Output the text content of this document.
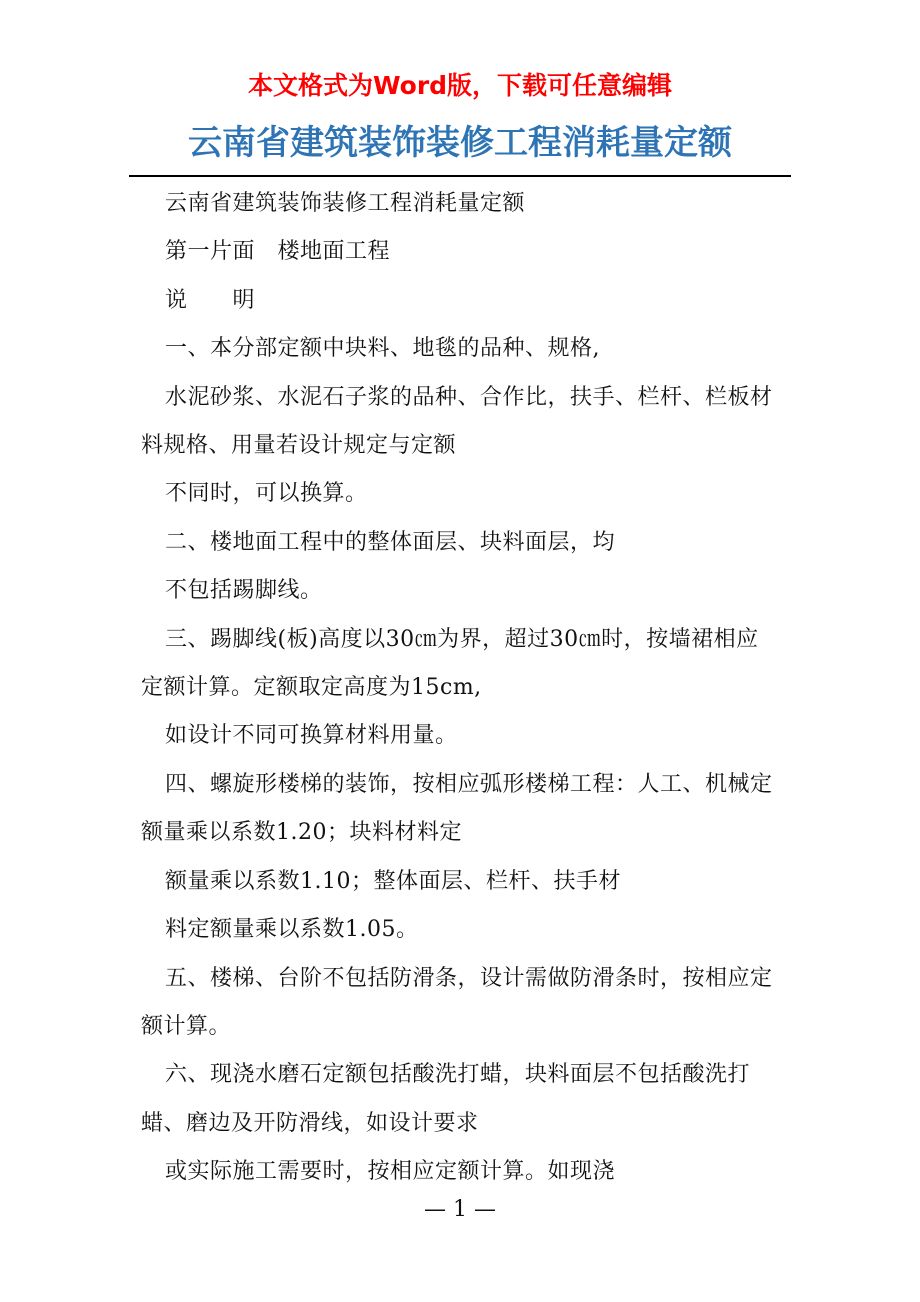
本文格式为Word版，下载可任意编辑
云南省建筑装饰装修工程消耗量定额

云南省建筑装饰装修工程消耗量定额

第一片面　楼地面工程

说　　明

一、本分部定额中块料、地毯的品种、规格,

水泥砂浆、水泥石子浆的品种、合作比，扶手、栏杆、栏板材料规格、用量若设计规定与定额

不同时，可以换算。

二、楼地面工程中的整体面层、块料面层，均

不包括踢脚线。

三、踢脚线(板)高度以30㎝为界，超过30㎝时，按墙裙相应定额计算。定额取定高度为15cm,

如设计不同可换算材料用量。

四、螺旋形楼梯的装饰，按相应弧形楼梯工程：人工、机械定额量乘以系数1.20；块料材料定

额量乘以系数1.10；整体面层、栏杆、扶手材

料定额量乘以系数1.05。

五、楼梯、台阶不包括防滑条，设计需做防滑条时，按相应定额计算。

六、现浇水磨石定额包括酸洗打蜡，块料面层不包括酸洗打蜡、磨边及开防滑线，如设计要求

或实际施工需要时，按相应定额计算。如现浇

— 1 —
